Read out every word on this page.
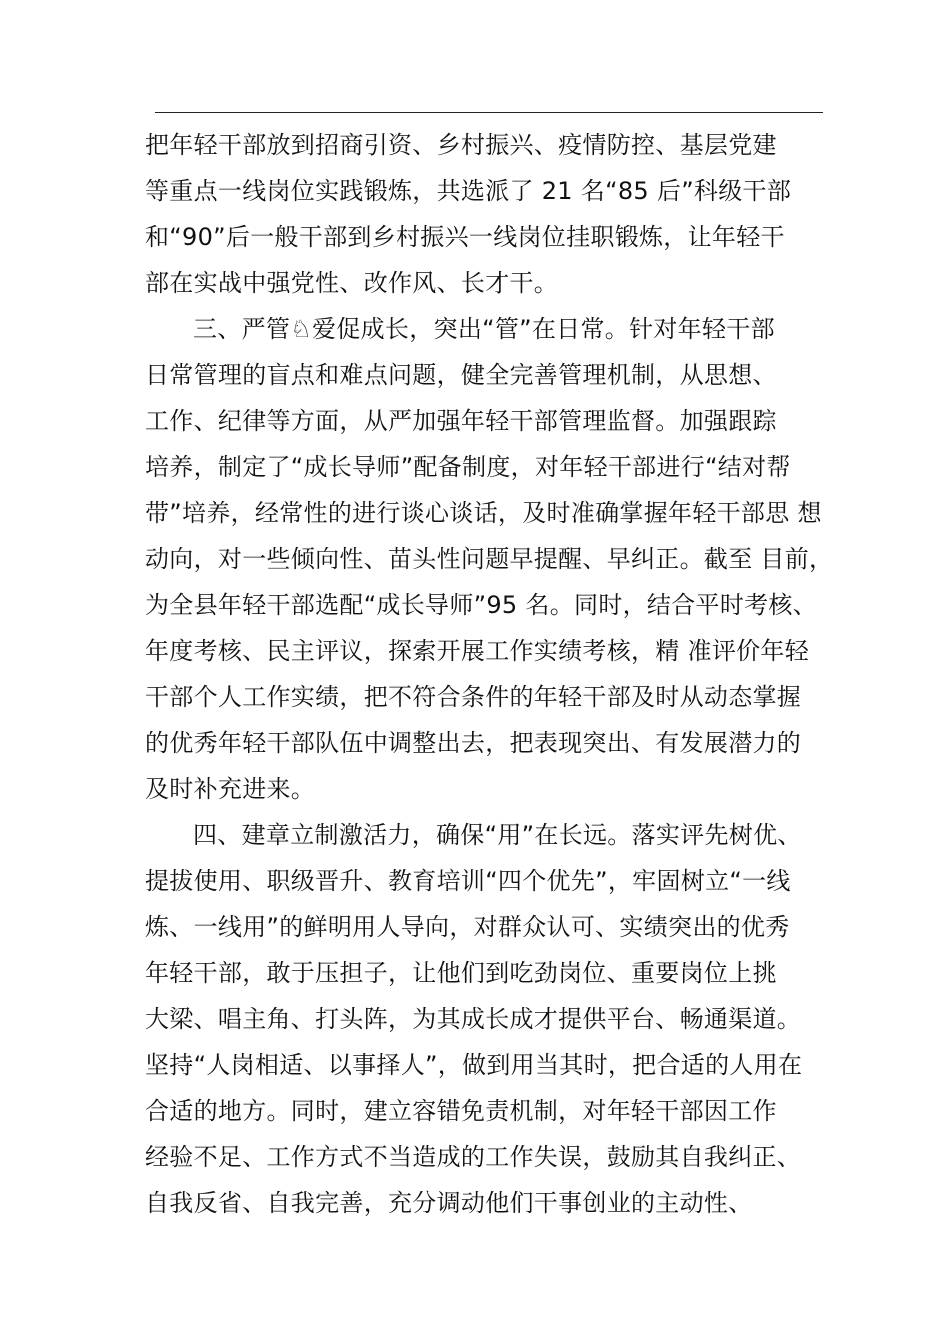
把年轻干部放到招商引资、乡村振兴、疫情防控、基层党建
等重点一线岗位实践锻炼，共选派了 21 名“85 后”科级干部
和“90”后一般干部到乡村振兴一线岗位挂职锻炼，让年轻干
部在实战中强党性、改作风、长才干。
三、严管♘爱促成长，突出“管”在日常。针对年轻干部
日常管理的盲点和难点问题，健全完善管理机制，从思想、
工作、纪律等方面，从严加强年轻干部管理监督。加强跟踪
培养，制定了“成长导师”配备制度，对年轻干部进行“结对帮
带”培养，经常性的进行谈心谈话，及时准确掌握年轻干部思 想
动向，对一些倾向性、苗头性问题早提醒、早纠正。截至 目前，
为全县年轻干部选配“成长导师”95 名。同时，结合平时考核、
年度考核、民主评议，探索开展工作实绩考核，精 准评价年轻
干部个人工作实绩，把不符合条件的年轻干部及时从动态掌握
的优秀年轻干部队伍中调整出去，把表现突出、有发展潜力的
及时补充进来。
四、建章立制激活力，确保“用”在长远。落实评先树优、
提拔使用、职级晋升、教育培训“四个优先”，牢固树立“一线
炼、一线用”的鲜明用人导向，对群众认可、实绩突出的优秀
年轻干部，敢于压担子，让他们到吃劲岗位、重要岗位上挑
大梁、唱主角、打头阵，为其成长成才提供平台、畅通渠道。
坚持“人岗相适、以事择人”，做到用当其时，把合适的人用在
合适的地方。同时，建立容错免责机制，对年轻干部因工作
经验不足、工作方式不当造成的工作失误，鼓励其自我纠正、
自我反省、自我完善，充分调动他们干事创业的主动性、
